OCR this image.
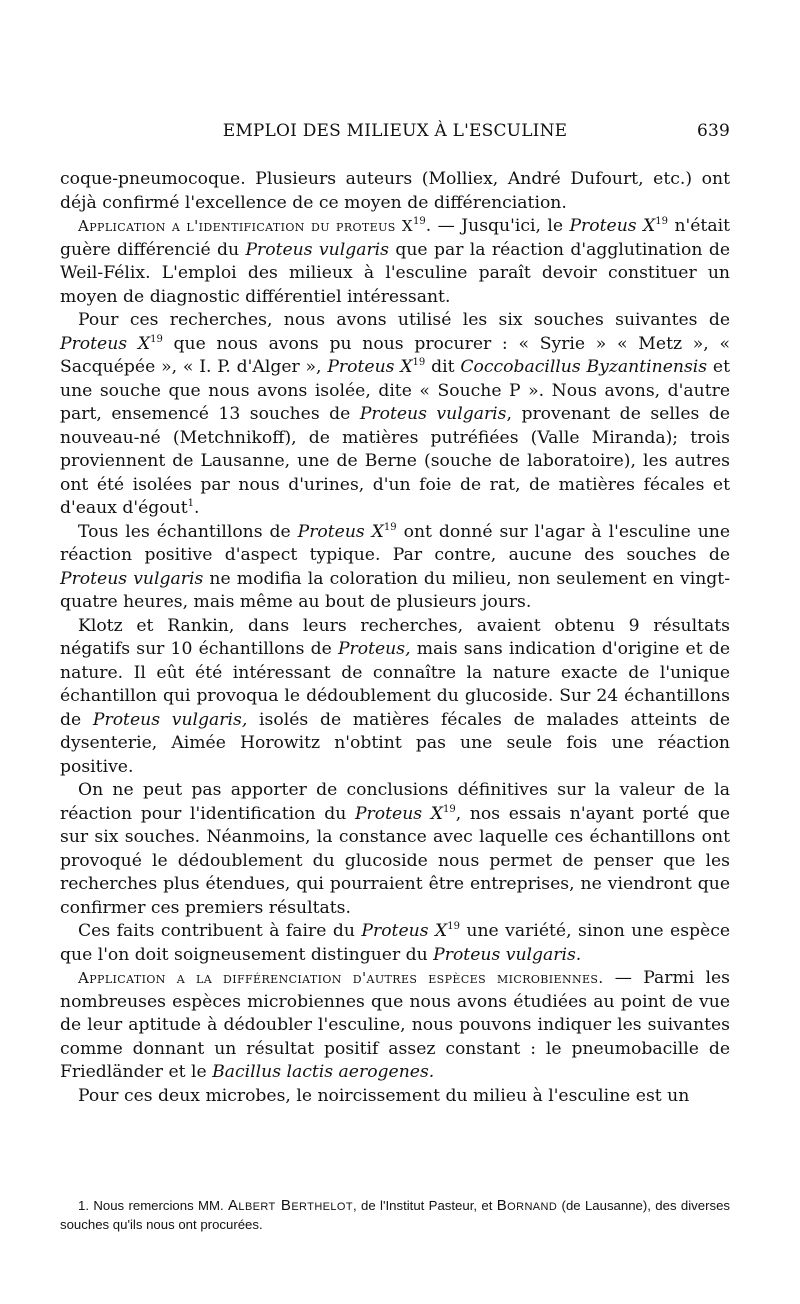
EMPLOI DES MILIEUX À L'ESCULINE	639

coque-pneumocoque. Plusieurs auteurs (Molliex, André Dufourt, etc.) ont déjà confirmé l'excellence de ce moyen de différenciation.

Application a l'identification du proteus $X^{19}$. — Jusqu'ici, le Proteus $X^{19}$ n'était guère différencié du Proteus vulgaris que par la réaction d'agglutination de Weil-Félix. L'emploi des milieux à l'esculine paraît devoir constituer un moyen de diagnostic différentiel intéressant.

Pour ces recherches, nous avons utilisé les six souches suivantes de Proteus $X^{19}$ que nous avons pu nous procurer : « Syrie » « Metz », « Sacquépée », « I. P. d'Alger », Proteus $X^{19}$ dit Coccobacillus Byzantinensis et une souche que nous avons isolée, dite « Souche P ». Nous avons, d'autre part, ensemencé 13 souches de Proteus vulgaris, provenant de selles de nouveau-né (Metchnikoff), de matières putréfiées (Valle Miranda); trois proviennent de Lausanne, une de Berne (souche de laboratoire), les autres ont été isolées par nous d'urines, d'un foie de rat, de matières fécales et d'eaux d'égout$^1$.

Tous les échantillons de Proteus $X^{19}$ ont donné sur l'agar à l'esculine une réaction positive d'aspect typique. Par contre, aucune des souches de Proteus vulgaris ne modifia la coloration du milieu, non seulement en vingt-quatre heures, mais même au bout de plusieurs jours.

Klotz et Rankin, dans leurs recherches, avaient obtenu 9 résultats négatifs sur 10 échantillons de Proteus, mais sans indication d'origine et de nature. Il eût été intéressant de connaître la nature exacte de l'unique échantillon qui provoqua le dédoublement du glucoside. Sur 24 échantillons de Proteus vulgaris, isolés de matières fécales de malades atteints de dysenterie, Aimée Horowitz n'obtint pas une seule fois une réaction positive.

On ne peut pas apporter de conclusions définitives sur la valeur de la réaction pour l'identification du Proteus $X^{19}$, nos essais n'ayant porté que sur six souches. Néanmoins, la constance avec laquelle ces échantillons ont provoqué le dédoublement du glucoside nous permet de penser que les recherches plus étendues, qui pourraient être entreprises, ne viendront que confirmer ces premiers résultats.

Ces faits contribuent à faire du Proteus $X^{19}$ une variété, sinon une espèce que l'on doit soigneusement distinguer du Proteus vulgaris.

Application a la différenciation d'autres espèces microbiennes. — Parmi les nombreuses espèces microbiennes que nous avons étudiées au point de vue de leur aptitude à dédoubler l'esculine, nous pouvons indiquer les suivantes comme donnant un résultat positif assez constant : le pneumobacille de Friedländer et le Bacillus lactis aerogenes.

Pour ces deux microbes, le noircissement du milieu à l'esculine est un

1. Nous remercions MM. Albert Berthelot, de l'Institut Pasteur, et Bornand (de Lausanne), des diverses souches qu'ils nous ont procurées.
